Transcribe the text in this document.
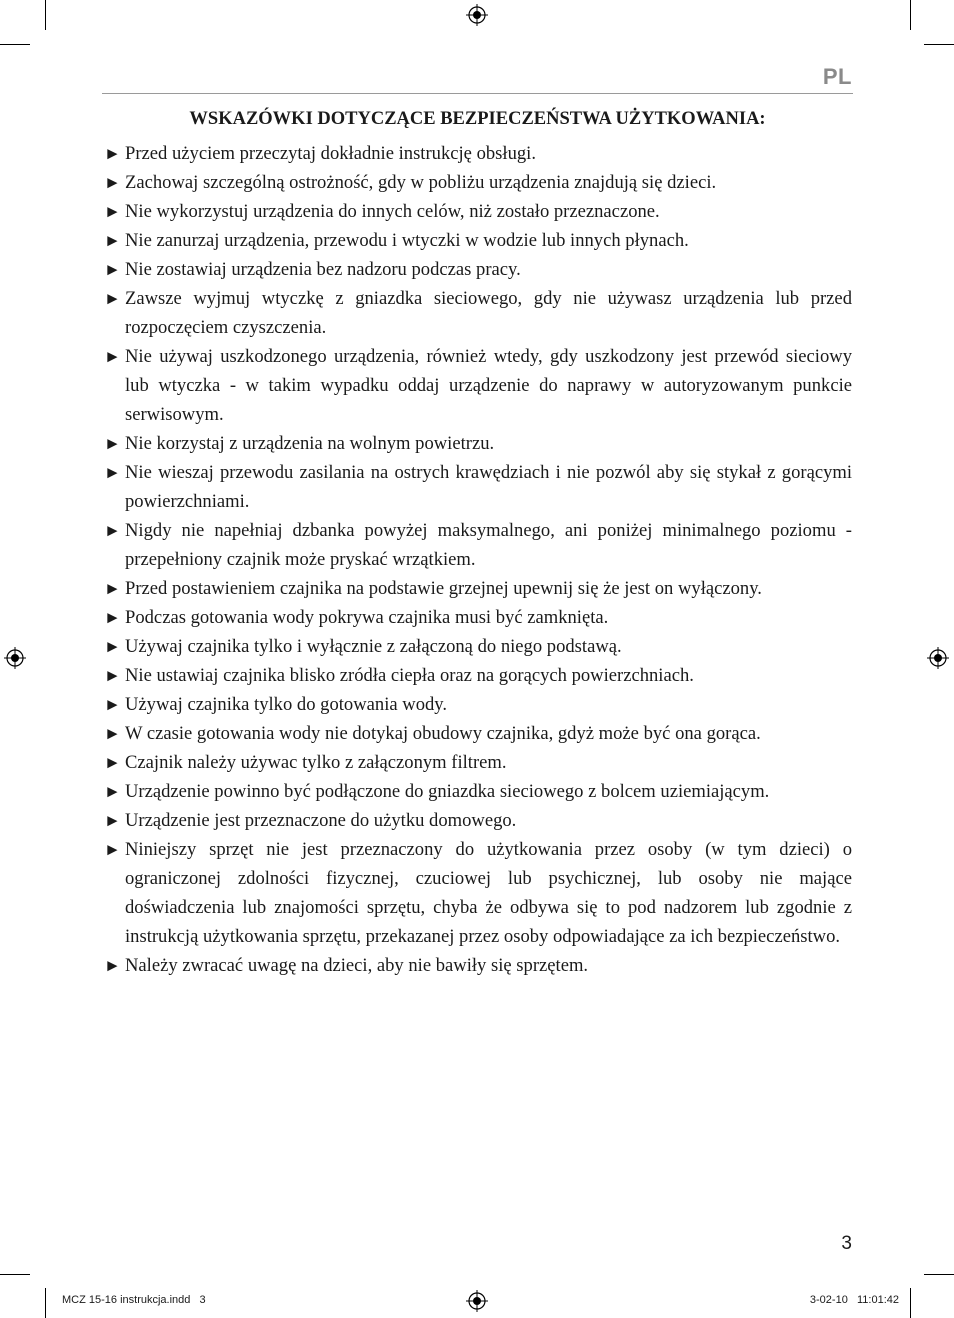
PL
WSKAZÓWKI DOTYCZĄCE BEZPIECZEŃSTWA UŻYTKOWANIA:
► Przed użyciem przeczytaj dokładnie instrukcję obsługi.
► Zachowaj szczególną ostrożność, gdy w pobliżu urządzenia znajdują się dzieci.
► Nie wykorzystuj urządzenia do innych celów, niż zostało przeznaczone.
► Nie zanurzaj urządzenia, przewodu i wtyczki w wodzie lub innych płynach.
► Nie zostawiaj urządzenia bez nadzoru podczas pracy.
► Zawsze wyjmuj wtyczkę z gniazdka sieciowego, gdy nie używasz urządzenia lub przed rozpoczęciem czyszczenia.
► Nie używaj uszkodzonego urządzenia, również wtedy, gdy uszkodzony jest przewód sieciowy lub wtyczka - w takim wypadku oddaj urządzenie do naprawy w autoryzowanym punkcie serwisowym.
► Nie korzystaj z urządzenia na wolnym powietrzu.
► Nie wieszaj przewodu zasilania na ostrych krawędziach i nie pozwól aby się stykał z gorącymi powierzchniami.
► Nigdy nie napełniaj dzbanka powyżej maksymalnego, ani poniżej minimalnego poziomu - przepełniony czajnik może pryskać wrzątkiem.
► Przed postawieniem czajnika na podstawie grzejnej upewnij się że jest on wyłączony.
► Podczas gotowania wody pokrywa czajnika musi być zamknięta.
► Używaj czajnika tylko i wyłącznie z załączoną do niego podstawą.
► Nie ustawiaj czajnika blisko zródła ciepła oraz na gorących powierzchniach.
► Używaj czajnika tylko do gotowania wody.
► W czasie gotowania wody nie dotykaj obudowy czajnika, gdyż może być ona gorąca.
► Czajnik należy używac tylko z załączonym filtrem.
► Urządzenie powinno być podłączone do gniazdka sieciowego z bolcem uziemiającym.
► Urządzenie jest przeznaczone do użytku domowego.
► Niniejszy sprzęt nie jest przeznaczony do użytkowania przez osoby (w tym dzieci) o ograniczonej zdolności fizycznej, czuciowej lub psychicznej, lub osoby nie mające doświadczenia lub znajomości sprzętu, chyba że odbywa się to pod nadzorem lub zgodnie z instrukcją użytkowania sprzętu, przekazanej przez osoby odpowiadające za ich bezpieczeństwo.
► Należy zwracać uwagę na dzieci, aby nie bawiły się sprzętem.
3
MCZ 15-16 instrukcja.indd   3	3-02-10   11:01:42
